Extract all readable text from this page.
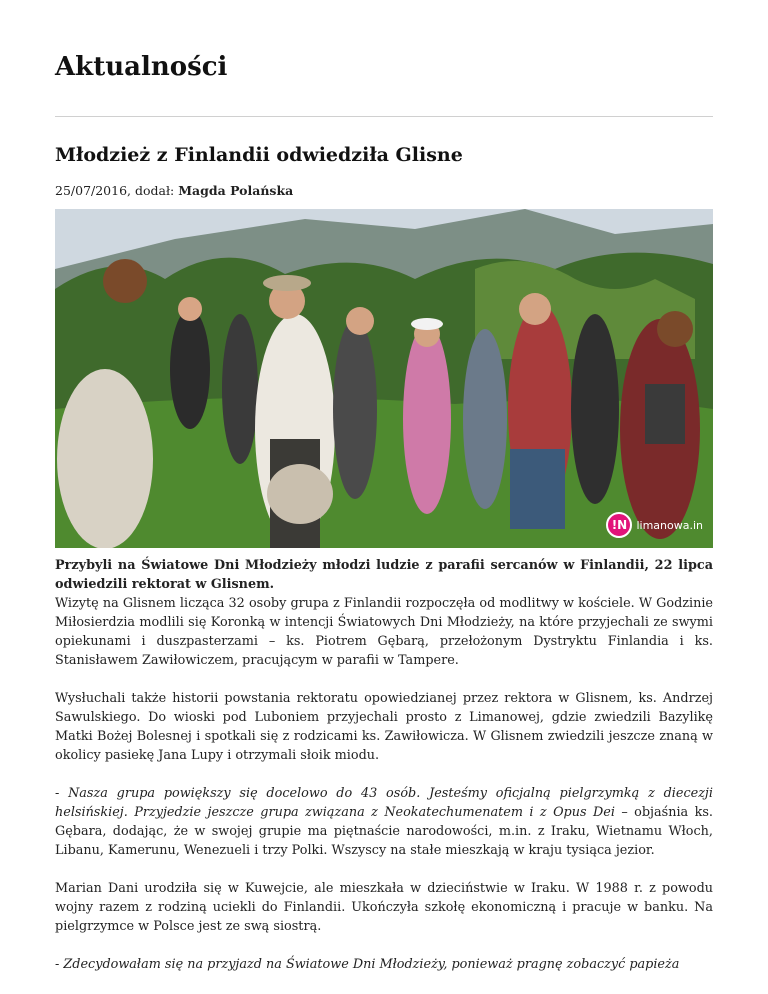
Aktualności
Młodzież z Finlandii odwiedziła Glisne
25/07/2016, dodał: Magda Polańska
!N limanowa.in

Przybyli na Światowe Dni Młodzieży młodzi ludzie z parafii sercanów w Finlandii, 22 lipca odwiedzili rektorat w Glisnem.

Wizytę na Glisnem licząca 32 osoby grupa z Finlandii rozpoczęła od modlitwy w kościele. W Godzinie Miłosierdzia modlili się Koronką w intencji Światowych Dni Młodzieży, na które przyjechali ze swymi opiekunami i duszpasterzami – ks. Piotrem Gębarą, przełożonym Dystryktu Finlandia i ks. Stanisławem Zawiłowiczem, pracującym w parafii w Tampere.

Wysłuchali także historii powstania rektoratu opowiedzianej przez rektora w Glisnem, ks. Andrzej Sawulskiego. Do wioski pod Luboniem przyjechali prosto z Limanowej, gdzie zwiedzili Bazylikę Matki Bożej Bolesnej i spotkali się z rodzicami ks. Zawiłowicza. W Glisnem zwiedzili jeszcze znaną w okolicy pasiekę Jana Lupy i otrzymali słoik miodu.

- Nasza grupa powiększy się docelowo do 43 osób. Jesteśmy oficjalną pielgrzymką z diecezji helsińskiej. Przyjedzie jeszcze grupa związana z Neokatechumenatem i z Opus Dei – objaśnia ks. Gębara, dodając, że w swojej grupie ma piętnaście narodowości, m.in. z Iraku, Wietnamu Włoch, Libanu, Kamerunu, Wenezueli i trzy Polki. Wszyscy na stałe mieszkają w kraju tysiąca jezior.

Marian Dani urodziła się w Kuwejcie, ale mieszkała w dzieciństwie w Iraku. W 1988 r. z powodu wojny razem z rodziną uciekli do Finlandii. Ukończyła szkołę ekonomiczną i pracuje w banku. Na pielgrzymce w Polsce jest ze swą siostrą.

- Zdecydowałam się na przyjazd na Światowe Dni Młodzieży, ponieważ pragnę zobaczyć papieża
